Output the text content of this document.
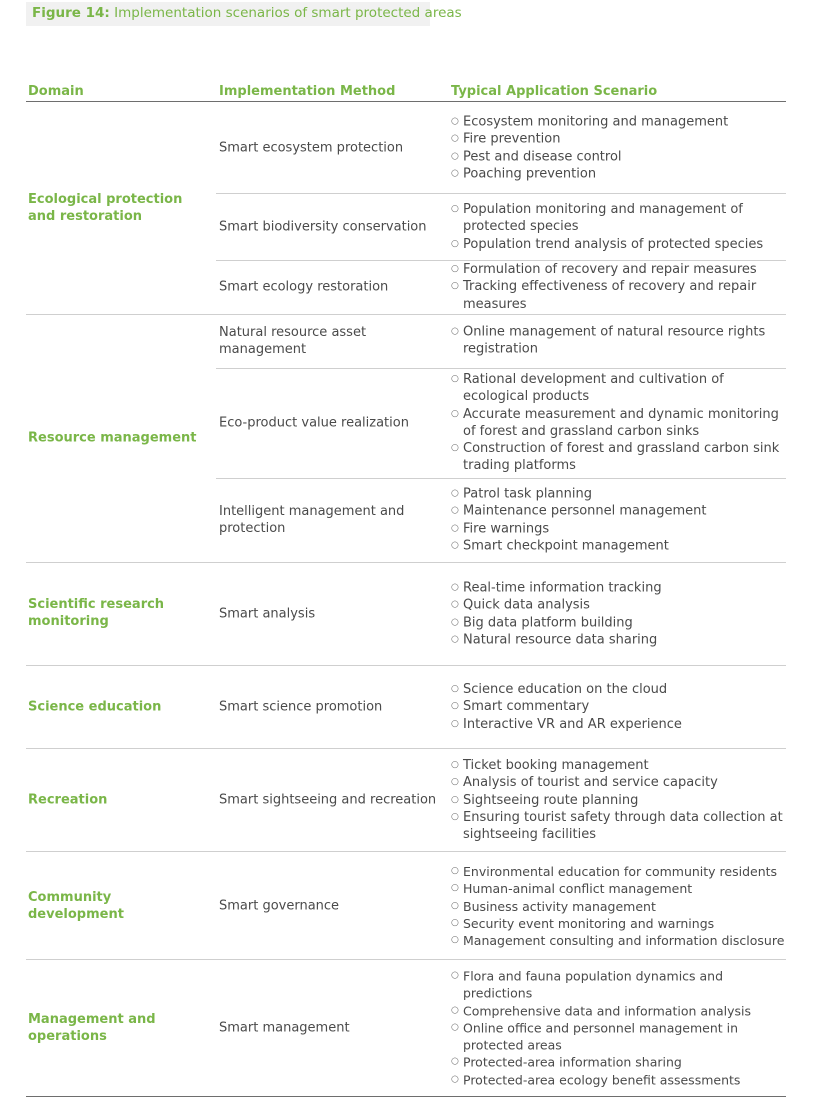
Figure 14: Implementation scenarios of smart protected areas
Domain	Implementation Method	Typical Application Scenario
Ecological protection and restoration
Resource management
Scientific research monitoring
Science education
Recreation
Community development
Management and operations
Smart ecosystem protection
○ Ecosystem monitoring and management
○ Fire prevention
○ Pest and disease control
○ Poaching prevention
Smart biodiversity conservation
○ Population monitoring and management of protected species
○ Population trend analysis of protected species
Smart ecology restoration
○ Formulation of recovery and repair measures
○ Tracking effectiveness of recovery and repair measures
Natural resource asset management
○ Online management of natural resource rights registration
Eco-product value realization
○ Rational development and cultivation of ecological products
○ Accurate measurement and dynamic monitoring of forest and grassland carbon sinks
○ Construction of forest and grassland carbon sink trading platforms
Intelligent management and protection
○ Patrol task planning
○ Maintenance personnel management
○ Fire warnings
○ Smart checkpoint management
Smart analysis
○ Real-time information tracking
○ Quick data analysis
○ Big data platform building
○ Natural resource data sharing
Smart science promotion
○ Science education on the cloud
○ Smart commentary
○ Interactive VR and AR experience
Smart sightseeing and recreation
○ Ticket booking management
○ Analysis of tourist and service capacity
○ Sightseeing route planning
○ Ensuring tourist safety through data collection at sightseeing facilities
Smart governance
○ Environmental education for community residents
○ Human-animal conflict management
○ Business activity management
○ Security event monitoring and warnings
○ Management consulting and information disclosure
Smart management
○ Flora and fauna population dynamics and predictions
○ Comprehensive data and information analysis
○ Online office and personnel management in protected areas
○ Protected-area information sharing
○ Protected-area ecology benefit assessments
